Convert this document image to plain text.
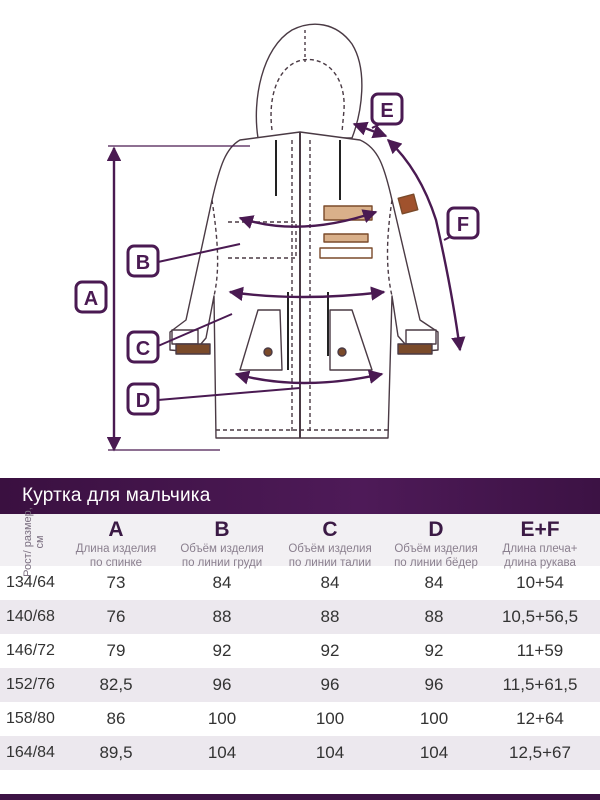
A
B
C
D
E
F
Куртка для мальчика
Рост/ размер, см
A
Длина изделия
по спинке
B
Объём изделия
по линии груди
C
Объём изделия
по линии талии
D
Объём изделия
по линии бёдер
E+F
Длина плеча+
длина рукава
134/64	73	84	84	84	10+54
140/68	76	88	88	88	10,5+56,5
146/72	79	92	92	92	11+59
152/76	82,5	96	96	96	11,5+61,5
158/80	86	100	100	100	12+64
164/84	89,5	104	104	104	12,5+67
